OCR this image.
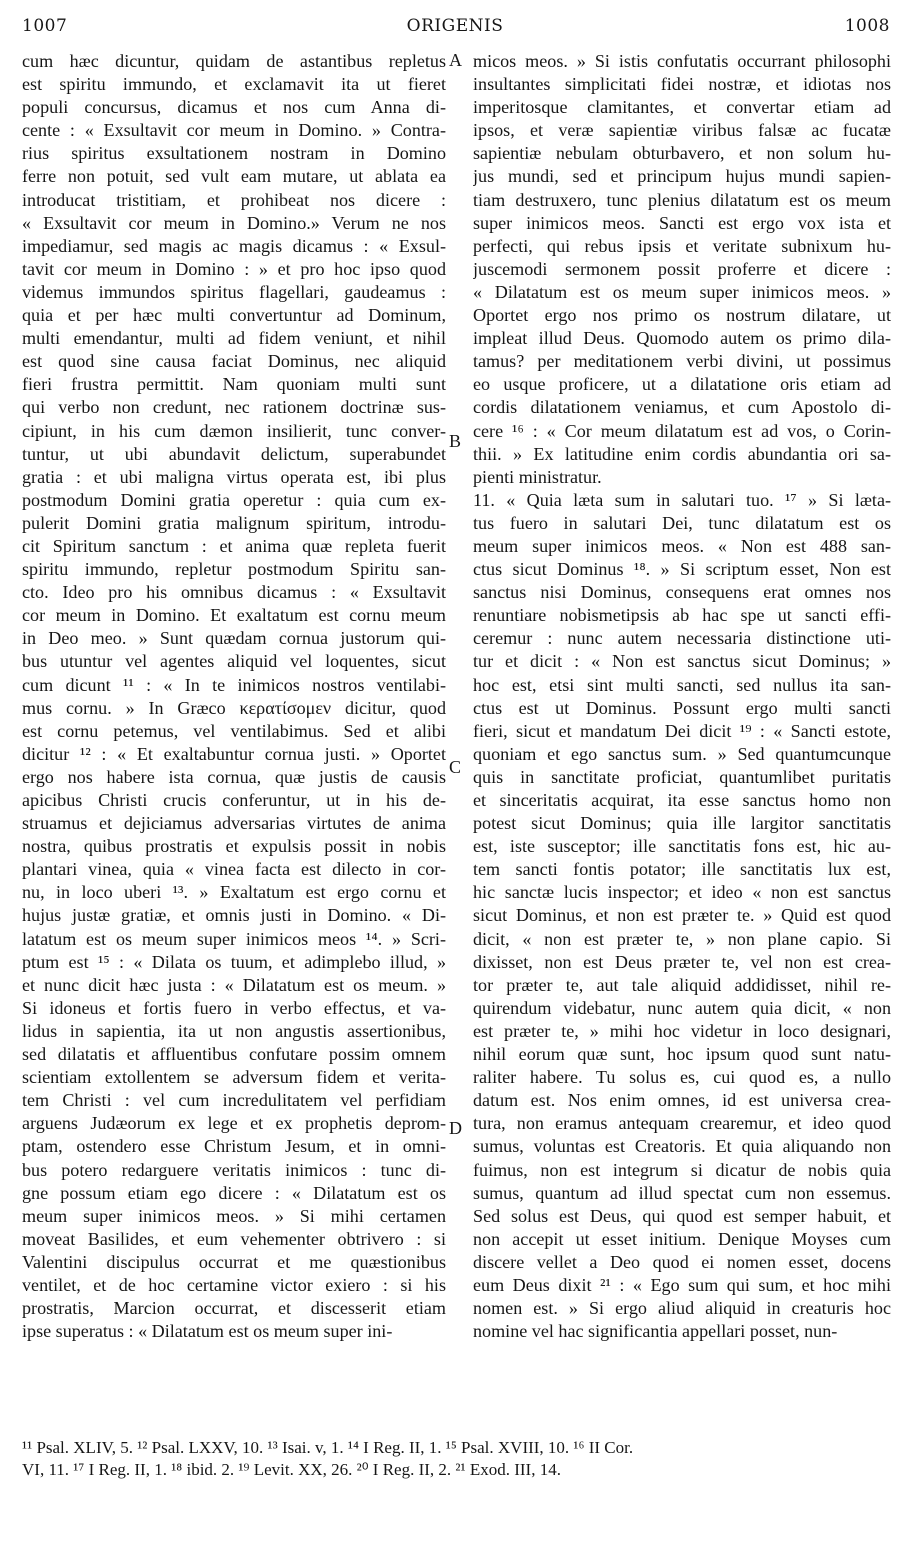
ORIGENIS
1007	1008
cum hæc dicuntur, quidam de astantibus repletus
est spiritu immundo, et exclamavit ita ut fieret
populi concursus, dicamus et nos cum Anna di-
cente : « Exsultavit cor meum in Domino. » Contra-
rius spiritus exsultationem nostram in Domino
ferre non potuit, sed vult eam mutare, ut ablata ea
introducat tristitiam, et prohibeat nos dicere :
« Exsultavit cor meum in Domino.» Verum ne nos
impediamur, sed magis ac magis dicamus : « Exsul-
tavit cor meum in Domino : » et pro hoc ipso quod
videmus immundos spiritus flagellari, gaudeamus :
quia et per hæc multi convertuntur ad Dominum,
multi emendantur, multi ad fidem veniunt, et nihil
est quod sine causa faciat Dominus, nec aliquid
fieri frustra permittit. Nam quoniam multi sunt
qui verbo non credunt, nec rationem doctrinæ sus-
cipiunt, in his cum dæmon insilierit, tunc conver-
tuntur, ut ubi abundavit delictum, superabundet
gratia : et ubi maligna virtus operata est, ibi plus
postmodum Domini gratia operetur : quia cum ex-
pulerit Domini gratia malignum spiritum, introdu-
cit Spiritum sanctum : et anima quæ repleta fuerit
spiritu immundo, repletur postmodum Spiritu san-
cto. Ideo pro his omnibus dicamus : « Exsultavit
cor meum in Domino. Et exaltatum est cornu meum
in Deo meo. » Sunt quædam cornua justorum qui-
bus utuntur vel agentes aliquid vel loquentes, sicut
cum dicunt ¹¹ : « In te inimicos nostros ventilabi-
mus cornu. » In Græco κερατίσομεν dicitur, quod
est cornu petemus, vel ventilabimus. Sed et alibi
dicitur ¹² : « Et exaltabuntur cornua justi. » Oportet
ergo nos habere ista cornua, quæ justis de causis
apicibus Christi crucis conferuntur, ut in his de-
struamus et dejiciamus adversarias virtutes de anima
nostra, quibus prostratis et expulsis possit in nobis
plantari vinea, quia « vinea facta est dilecto in cor-
nu, in loco uberi ¹³. » Exaltatum est ergo cornu et
hujus justæ gratiæ, et omnis justi in Domino. « Di-
latatum est os meum super inimicos meos ¹⁴. » Scri-
ptum est ¹⁵ : « Dilata os tuum, et adimplebo illud, »
et nunc dicit hæc justa : « Dilatatum est os meum. »
Si idoneus et fortis fuero in verbo effectus, et va-
lidus in sapientia, ita ut non angustis assertionibus,
sed dilatatis et affluentibus confutare possim omnem
scientiam extollentem se adversum fidem et verita-
tem Christi : vel cum incredulitatem vel perfidiam
arguens Judæorum ex lege et ex prophetis deprom-
ptam, ostendero esse Christum Jesum, et in omni-
bus potero redarguere veritatis inimicos : tunc di-
gne possum etiam ego dicere : « Dilatatum est os
meum super inimicos meos. » Si mihi certamen
moveat Basilides, et eum vehementer obtrivero : si
Valentini discipulus occurrat et me quæstionibus
ventilet, et de hoc certamine victor exiero : si his
prostratis, Marcion occurrat, et discesserit etiam
ipse superatus : « Dilatatum est os meum super ini-
micos meos. » Si istis confutatis occurrant philosophi
insultantes simplicitati fidei nostræ, et idiotas nos
imperitosque clamitantes, et convertar etiam ad
ipsos, et veræ sapientiæ viribus falsæ ac fucatæ
sapientiæ nebulam obturbavero, et non solum hu-
jus mundi, sed et principum hujus mundi sapien-
tiam destruxero, tunc plenius dilatatum est os meum
super inimicos meos. Sancti est ergo vox ista et
perfecti, qui rebus ipsis et veritate subnixum hu-
juscemodi sermonem possit proferre et dicere :
« Dilatatum est os meum super inimicos meos. »
Oportet ergo nos primo os nostrum dilatare, ut
impleat illud Deus. Quomodo autem os primo dila-
tamus? per meditationem verbi divini, ut possimus
eo usque proficere, ut a dilatatione oris etiam ad
cordis dilatationem veniamus, et cum Apostolo di-
cere ¹⁶ : « Cor meum dilatatum est ad vos, o Corin-
thii. » Ex latitudine enim cordis abundantia ori sa-
pienti ministratur.
11. « Quia læta sum in salutari tuo. ¹⁷ » Si læta-
tus fuero in salutari Dei, tunc dilatatum est os
meum super inimicos meos. « Non est 488 san-
ctus sicut Dominus ¹⁸. » Si scriptum esset, Non est
sanctus nisi Dominus, consequens erat omnes nos
renuntiare nobismetipsis ab hac spe ut sancti effi-
ceremur : nunc autem necessaria distinctione uti-
tur et dicit : « Non est sanctus sicut Dominus; »
hoc est, etsi sint multi sancti, sed nullus ita san-
ctus est ut Dominus. Possunt ergo multi sancti
fieri, sicut et mandatum Dei dicit ¹⁹ : « Sancti estote,
quoniam et ego sanctus sum. » Sed quantumcunque
quis in sanctitate proficiat, quantumlibet puritatis
et sinceritatis acquirat, ita esse sanctus homo non
potest sicut Dominus; quia ille largitor sanctitatis
est, iste susceptor; ille sanctitatis fons est, hic au-
tem sancti fontis potator; ille sanctitatis lux est,
hic sanctæ lucis inspector; et ideo « non est sanctus
sicut Dominus, et non est præter te. » Quid est quod
dicit, « non est præter te, » non plane capio. Si
dixisset, non est Deus præter te, vel non est crea-
tor præter te, aut tale aliquid addidisset, nihil re-
quirendum videbatur, nunc autem quia dicit, « non
est præter te, » mihi hoc videtur in loco designari,
nihil eorum quæ sunt, hoc ipsum quod sunt natu-
raliter habere. Tu solus es, cui quod es, a nullo
datum est. Nos enim omnes, id est universa crea-
tura, non eramus antequam crearemur, et ideo quod
sumus, voluntas est Creatoris. Et quia aliquando non
fuimus, non est integrum si dicatur de nobis quia
sumus, quantum ad illud spectat cum non essemus.
Sed solus est Deus, qui quod est semper habuit, et
non accepit ut esset initium. Denique Moyses cum
discere vellet a Deo quod ei nomen esset, docens
eum Deus dixit ²¹ : « Ego sum qui sum, et hoc mihi
nomen est. » Si ergo aliud aliquid in creaturis hoc
nomine vel hac significantia appellari posset, nun-
A
B
C
D
¹¹ Psal. XLIV, 5. ¹² Psal. LXXV, 10. ¹³ Isai. v, 1. ¹⁴ I Reg. II, 1. ¹⁵ Psal. XVIII, 10. ¹⁶ II Cor.
VI, 11. ¹⁷ I Reg. II, 1. ¹⁸ ibid. 2. ¹⁹ Levit. XX, 26. ²⁰ I Reg. II, 2. ²¹ Exod. III, 14.
